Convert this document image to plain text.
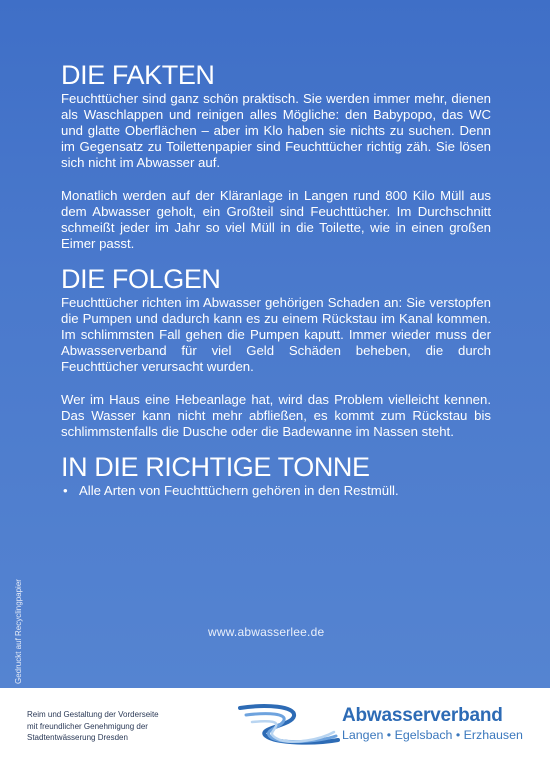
DIE FAKTEN

Feuchttücher sind ganz schön praktisch. Sie werden immer mehr, dienen als Waschlappen und reinigen alles Mögliche: den Babypopo, das WC und glatte Oberflächen – aber im Klo haben sie nichts zu suchen. Denn im Gegensatz zu Toilettenpapier sind Feuchttücher richtig zäh. Sie lösen sich nicht im Abwasser auf.

Monatlich werden auf der Kläranlage in Langen rund 800 Kilo Müll aus dem Abwasser geholt, ein Großteil sind Feuchttücher. Im Durchschnitt schmeißt jeder im Jahr so viel Müll in die Toilette, wie in einen großen Eimer passt.

DIE FOLGEN

Feuchttücher richten im Abwasser gehörigen Schaden an: Sie verstopfen die Pumpen und dadurch kann es zu einem Rückstau im Kanal kommen. Im schlimmsten Fall gehen die Pumpen kaputt. Immer wieder muss der Abwasserverband für viel Geld Schäden beheben, die durch Feuchttücher verursacht wurden.

Wer im Haus eine Hebeanlage hat, wird das Problem vielleicht kennen. Das Wasser kann nicht mehr abfließen, es kommt zum Rückstau bis schlimmstenfalls die Dusche oder die Badewanne im Nassen steht.

IN DIE RICHTIGE TONNE
• Alle Arten von Feuchttüchern gehören in den Restmüll.
Gedruckt auf Recyclingpapier	www.abwasserlee.de
Reim und Gestaltung der Vorderseite
mit freundlicher Genehmigung der
Stadtentwässerung Dresden
Abwasserverband
Langen • Egelsbach • Erzhausen
